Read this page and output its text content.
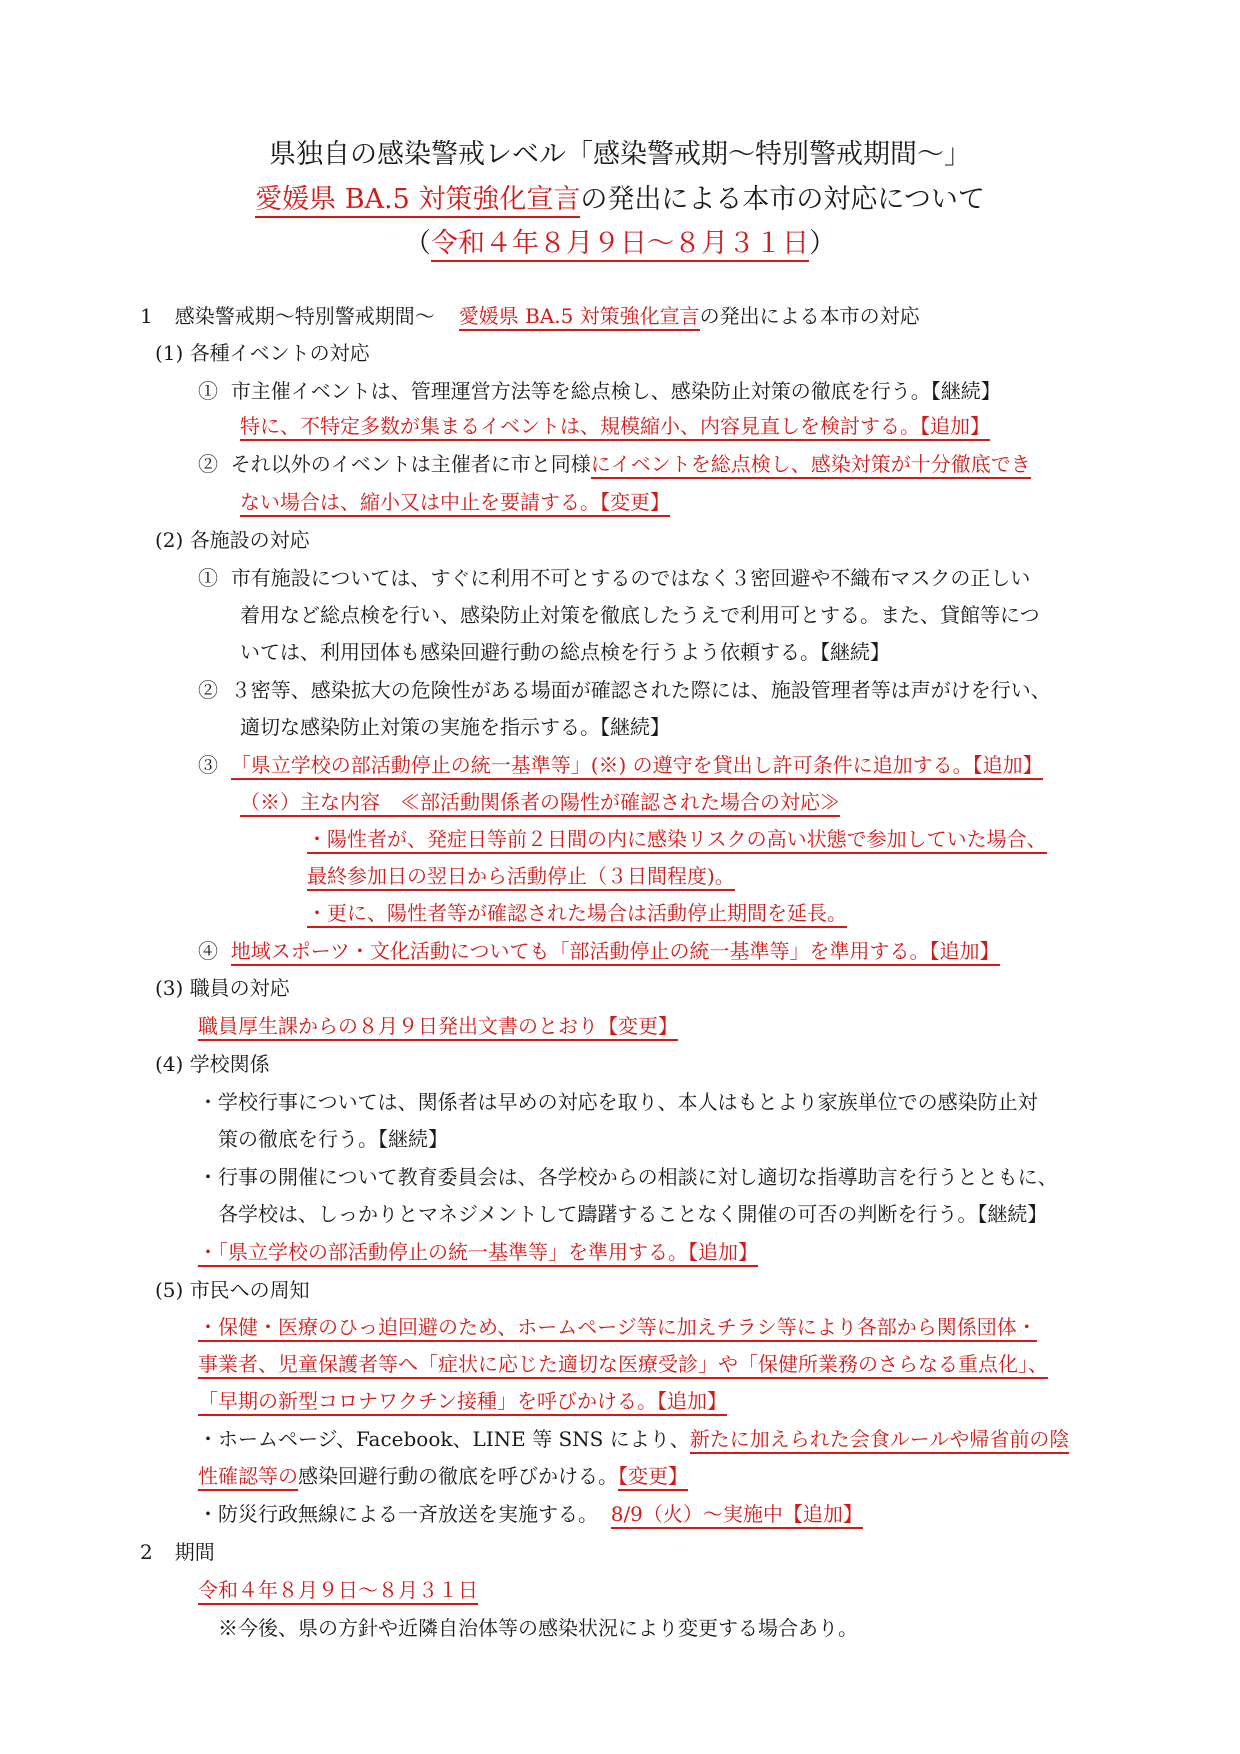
県独自の感染警戒レベル「感染警戒期～特別警戒期間～」
愛媛県 BA.5 対策強化宣言の発出による本市の対応について
（令和４年８月９日～８月３１日）
1 感染警戒期～特別警戒期間～ 愛媛県 BA.5 対策強化宣言の発出による本市の対応
(1) 各種イベントの対応
① 市主催イベントは、管理運営方法等を総点検し、感染防止対策の徹底を行う。【継続】
特に、不特定多数が集まるイベントは、規模縮小、内容見直しを検討する。【追加】
② それ以外のイベントは主催者に市と同様にイベントを総点検し、感染対策が十分徹底でき
ない場合は、縮小又は中止を要請する。【変更】
(2) 各施設の対応
① 市有施設については、すぐに利用不可とするのではなく３密回避や不織布マスクの正しい
着用など総点検を行い、感染防止対策を徹底したうえで利用可とする。また、貸館等につ
いては、利用団体も感染回避行動の総点検を行うよう依頼する。【継続】
② ３密等、感染拡大の危険性がある場面が確認された際には、施設管理者等は声がけを行い、
適切な感染防止対策の実施を指示する。【継続】
③ 「県立学校の部活動停止の統一基準等」(※) の遵守を貸出し許可条件に追加する。【追加】
（※）主な内容　≪部活動関係者の陽性が確認された場合の対応≫
・陽性者が、発症日等前２日間の内に感染リスクの高い状態で参加していた場合、
最終参加日の翌日から活動停止（３日間程度)。
・更に、陽性者等が確認された場合は活動停止期間を延長。
④ 地域スポーツ・文化活動についても「部活動停止の統一基準等」を準用する。【追加】
(3) 職員の対応
職員厚生課からの８月９日発出文書のとおり【変更】
(4) 学校関係
・学校行事については、関係者は早めの対応を取り、本人はもとより家族単位での感染防止対
策の徹底を行う。【継続】
・行事の開催について教育委員会は、各学校からの相談に対し適切な指導助言を行うとともに、
各学校は、しっかりとマネジメントして躊躇することなく開催の可否の判断を行う。【継続】
・「県立学校の部活動停止の統一基準等」を準用する。【追加】
(5) 市民への周知
・保健・医療のひっ迫回避のため、ホームページ等に加えチラシ等により各部から関係団体・
事業者、児童保護者等へ「症状に応じた適切な医療受診」や「保健所業務のさらなる重点化」、
「早期の新型コロナワクチン接種」を呼びかける。【追加】
・ホームページ、Facebook、LINE 等 SNS により、新たに加えられた会食ルールや帰省前の陰
性確認等の感染回避行動の徹底を呼びかける。【変更】
・防災行政無線による一斉放送を実施する。 8/9（火）～実施中【追加】
2 期間
令和４年８月９日～８月３１日
※今後、県の方針や近隣自治体等の感染状況により変更する場合あり。
